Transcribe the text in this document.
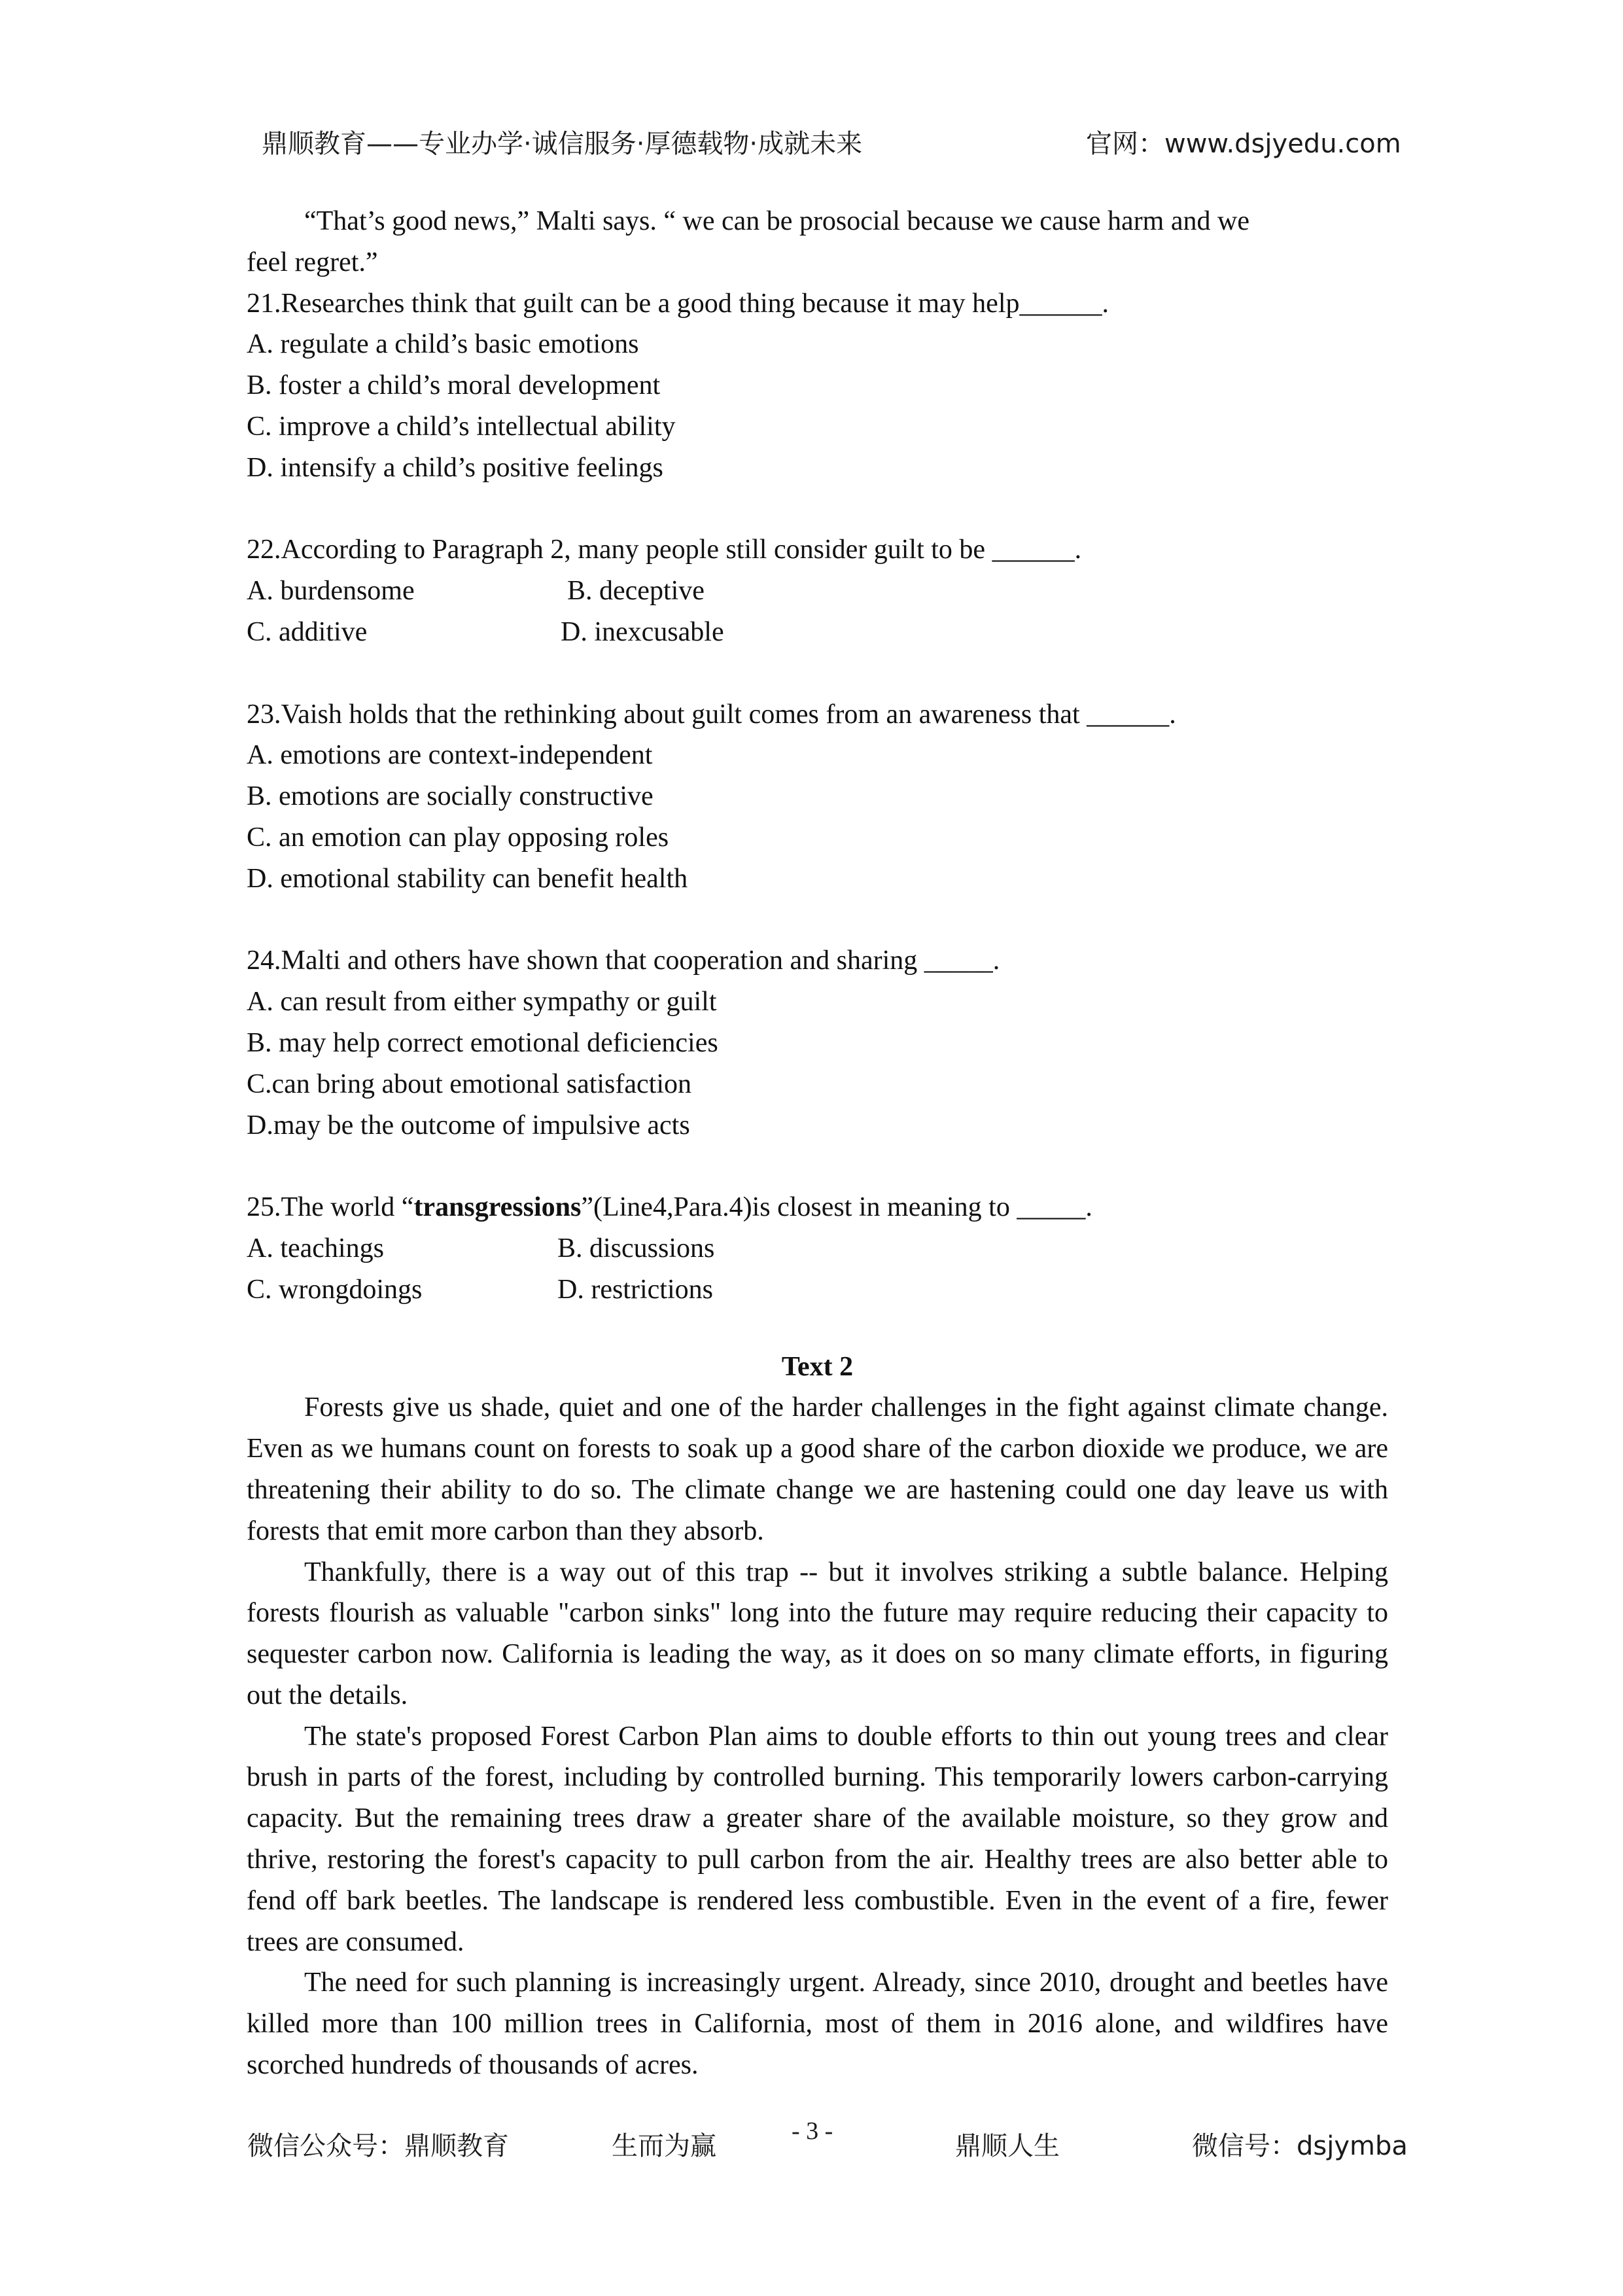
鼎顺教育——专业办学·诚信服务·厚德载物·成就未来	官网：www.dsjyedu.com

“That’s good news,” Malti says. “ we can be prosocial because we cause harm and we

feel regret.”

21.Researches think that guilt can be a good thing because it may help______.

A. regulate a child’s basic emotions

B. foster a child’s moral development

C. improve a child’s intellectual ability

D. intensify a child’s positive feelings

22.According to Paragraph 2, many people still consider guilt to be ______.

A. burdensome	B. deceptive
C. additive	D. inexcusable

23.Vaish holds that the rethinking about guilt comes from an awareness that ______.

A. emotions are context-independent

B. emotions are socially constructive

C. an emotion can play opposing roles

D. emotional stability can benefit health

24.Malti and others have shown that cooperation and sharing _____.

A. can result from either sympathy or guilt

B. may help correct emotional deficiencies

C.can bring about emotional satisfaction

D.may be the outcome of impulsive acts

25.The world “transgressions”(Line4,Para.4)is closest in meaning to _____.

A. teachings	B. discussions
C. wrongdoings	D. restrictions

Text 2

Forests give us shade, quiet and one of the harder challenges in the fight against climate change. Even as we humans count on forests to soak up a good share of the carbon dioxide we produce, we are threatening their ability to do so. The climate change we are hastening could one day leave us with forests that emit more carbon than they absorb.

Thankfully, there is a way out of this trap -- but it involves striking a subtle balance. Helping forests flourish as valuable "carbon sinks" long into the future may require reducing their capacity to sequester carbon now. California is leading the way, as it does on so many climate efforts, in figuring out the details.

The state's proposed Forest Carbon Plan aims to double efforts to thin out young trees and clear brush in parts of the forest, including by controlled burning. This temporarily lowers carbon-carrying capacity. But the remaining trees draw a greater share of the available moisture, so they grow and thrive, restoring the forest's capacity to pull carbon from the air. Healthy trees are also better able to fend off bark beetles. The landscape is rendered less combustible. Even in the event of a fire, fewer trees are consumed.

The need for such planning is increasingly urgent. Already, since 2010, drought and beetles have killed more than 100 million trees in California, most of them in 2016 alone, and wildfires have scorched hundreds of thousands of acres.

微信公众号：鼎顺教育	生而为赢	- 3 -	鼎顺人生	微信号：dsjymba
